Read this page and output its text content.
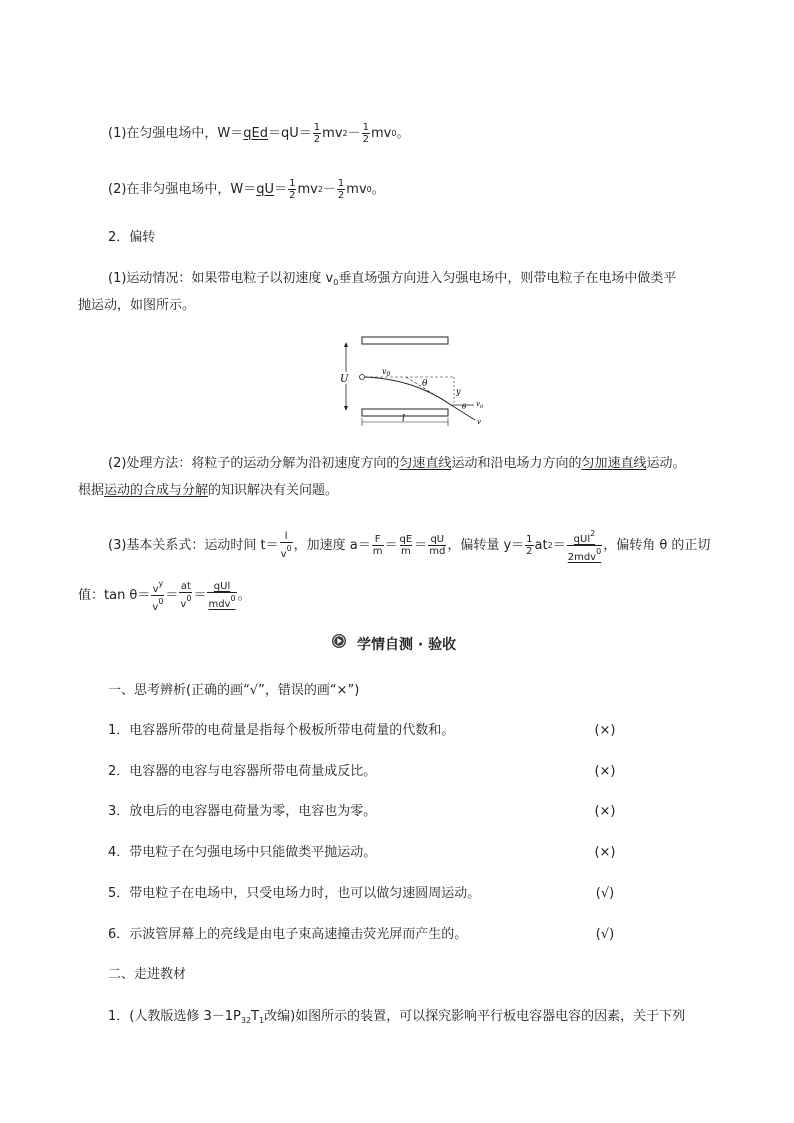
(1)在匀强电场中，W＝ qEd $=qU= \frac{1}{2}$ mv $2 - \frac{1}{2}$ mv 0 。
(2)在非匀强电场中，W＝ qU ＝ $\frac{1}{2}$ mv $2 - \frac{1}{2}$ mv 0 。
2．偏转
(1)运动情况：如果带电粒子以初速度 $v_0$垂直场强方向进入匀强电场中，则带电粒子在电场中做类平
抛运动，如图所示。
U
$v_0$
θ
y
$v_0$
v
θ
l
(2)处理方法：将粒子的运动分解为沿初速度方向的匀速直线运动和沿电场力方向的匀加速直线运动。
根据运动的合成与分解的知识解决有关问题。
(3)基本关系式：运动时间 $t= \frac{l}{v^0}$ ，加速度 $a= \frac{F}{m} = \frac{qE}{m} = \frac{qU}{md}$ ，偏转量 $y= \frac{1}{2}$ at $2 = \frac{qUl^2}{2mdv^0}$ ，偏转角 θ 的正切
值：$\tan \theta= \frac{v^y}{v^0} = \frac{at}{v^0} = \frac{\text{qUl}}{mdv^0}$ 。
学情自测 · 验收
一、思考辨析(正确的画“√”，错误的画“×”)
1．电容器所带的电荷量是指每个极板所带电荷量的代数和。	(×)
2．电容器的电容与电容器所带电荷量成反比。	(×)
3．放电后的电容器电荷量为零，电容也为零。	(×)
4．带电粒子在匀强电场中只能做类平抛运动。	(×)
5．带电粒子在电场中，只受电场力时，也可以做匀速圆周运动。	(√)
6．示波管屏幕上的亮线是由电子束高速撞击荧光屏而产生的。	(√)
二、走进教材
1．(人教版选修 $3-1P_{32}T_1$改编)如图所示的装置，可以探究影响平行板电容器电容的因素，关于下列
